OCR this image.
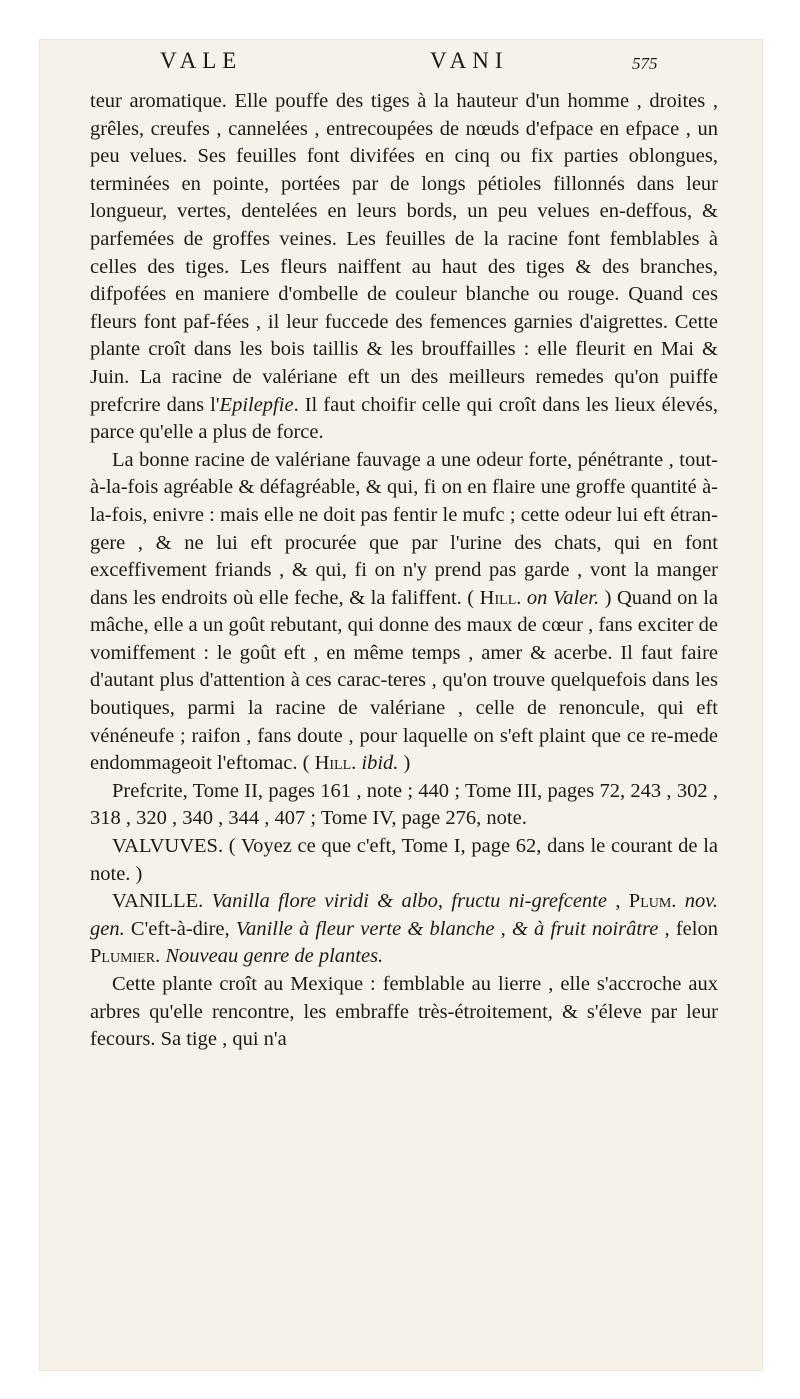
VALE	VANI	575

teur aromatique. Elle pouffe des tiges à la hauteur d'un homme , droites , grêles, creufes , cannelées , entrecoupées de nœuds d'efpace en efpace , un peu velues. Ses feuilles font divifées en cinq ou fix parties oblongues, terminées en pointe, portées par de longs pétioles fillonnés dans leur longueur, vertes, dentelées en leurs bords, un peu velues en-deffous, & parfemées de groffes veines. Les feuilles de la racine font femblables à celles des tiges. Les fleurs naiffent au haut des tiges & des branches, difpofées en maniere d'ombelle de couleur blanche ou rouge. Quand ces fleurs font paf-fées , il leur fuccede des femences garnies d'aigrettes. Cette plante croît dans les bois taillis & les brouffailles : elle fleurit en Mai & Juin. La racine de valériane eft un des meilleurs remedes qu'on puiffe prefcrire dans l'Epilepfie. Il faut choifir celle qui croît dans les lieux élevés, parce qu'elle a plus de force.

La bonne racine de valériane fauvage a une odeur forte, pénétrante , tout-à-la-fois agréable & défagréable, & qui, fi on en flaire une groffe quantité à-la-fois, enivre : mais elle ne doit pas fentir le mufc ; cette odeur lui eft étran-gere , & ne lui eft procurée que par l'urine des chats, qui en font exceffivement friands , & qui, fi on n'y prend pas garde , vont la manger dans les endroits où elle feche, & la faliffent. ( Hill. on Valer. ) Quand on la mâche, elle a un goût rebutant, qui donne des maux de cœur , fans exciter de vomiffement : le goût eft , en même temps , amer & acerbe. Il faut faire d'autant plus d'attention à ces carac-teres , qu'on trouve quelquefois dans les boutiques, parmi la racine de valériane , celle de renoncule, qui eft vénéneufe ; raifon , fans doute , pour laquelle on s'eft plaint que ce re-mede endommageoit l'eftomac. ( Hill. ibid. )

Prefcrite, Tome II, pages 161 , note ; 440 ; Tome III, pages 72, 243 , 302 , 318 , 320 , 340 , 344 , 407 ; Tome IV, page 276, note.

VALVUVES. ( Voyez ce que c'eft, Tome I, page 62, dans le courant de la note. )

VANILLE. Vanilla flore viridi & albo, fructu ni-grefcente , Plum. nov. gen. C'eft-à-dire, Vanille à fleur verte & blanche , & à fruit noirâtre , felon Plumier. Nouveau genre de plantes.

Cette plante croît au Mexique : femblable au lierre , elle s'accroche aux arbres qu'elle rencontre, les embraffe très-étroitement, & s'éleve par leur fecours. Sa tige , qui n'a
